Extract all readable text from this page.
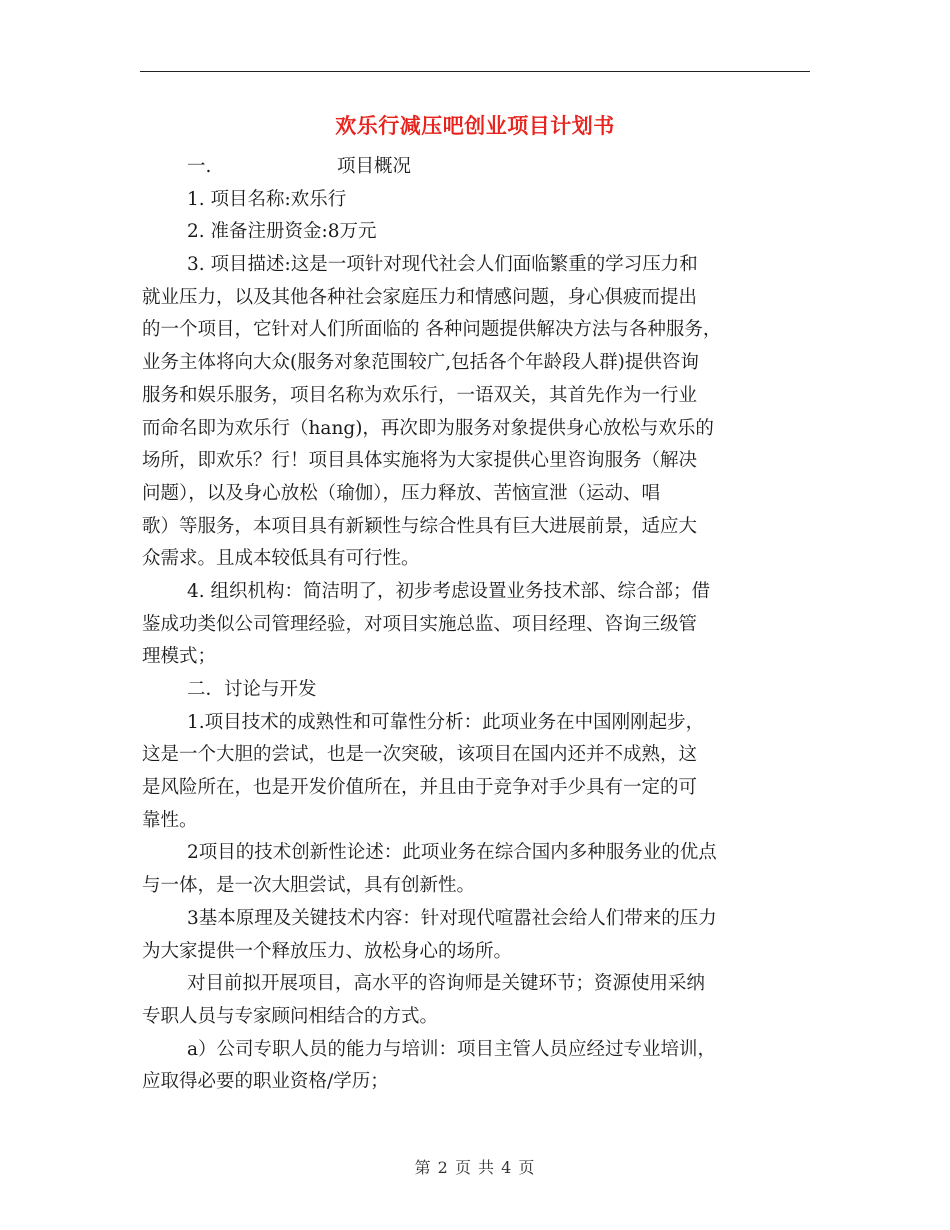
欢乐行减压吧创业项目计划书
一.	项目概况
1. 项目名称:欢乐行
2. 准备注册资金:8万元
3. 项目描述:这是一项针对现代社会人们面临繁重的学习压力和
就业压力，以及其他各种社会家庭压力和情感问题，身心俱疲而提出
的一个项目，它针对人们所面临的 各种问题提供解决方法与各种服务，
业务主体将向大众(服务对象范围较广,包括各个年龄段人群)提供咨询
服务和娱乐服务，项目名称为欢乐行，一语双关，其首先作为一行业
而命名即为欢乐行（hang)，再次即为服务对象提供身心放松与欢乐的
场所，即欢乐？行！项目具体实施将为大家提供心里咨询服务（解决
问题），以及身心放松（瑜伽），压力释放、苦恼宣泄（运动、唱
歌）等服务，本项目具有新颖性与综合性具有巨大进展前景，适应大
众需求。且成本较低具有可行性。
4. 组织机构：简洁明了，初步考虑设置业务技术部、综合部；借
鉴成功类似公司管理经验，对项目实施总监、项目经理、咨询三级管
理模式；
二．讨论与开发
1.项目技术的成熟性和可靠性分析：此项业务在中国刚刚起步，
这是一个大胆的尝试，也是一次突破，该项目在国内还并不成熟，这
是风险所在，也是开发价值所在，并且由于竞争对手少具有一定的可
靠性。
2项目的技术创新性论述：此项业务在综合国内多种服务业的优点
与一体，是一次大胆尝试，具有创新性。
3基本原理及关键技术内容：针对现代喧嚣社会给人们带来的压力
为大家提供一个释放压力、放松身心的场所。
对目前拟开展项目，高水平的咨询师是关键环节；资源使用采纳
专职人员与专家顾问相结合的方式。
a）公司专职人员的能力与培训：项目主管人员应经过专业培训，
应取得必要的职业资格/学历；
第 2 页 共 4 页
